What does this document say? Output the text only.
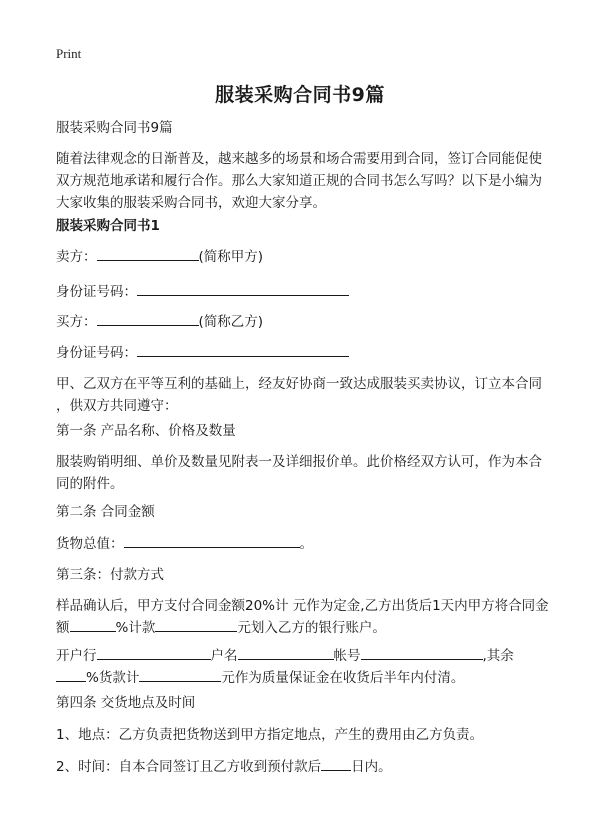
Print
服装采购合同书9篇
服装采购合同书9篇
随着法律观念的日渐普及，越来越多的场景和场合需要用到合同，签订合同能促使
双方规范地承诺和履行合作。那么大家知道正规的合同书怎么写吗？以下是小编为
大家收集的服装采购合同书，欢迎大家分享。
服装采购合同书1
卖方：	(简称甲方)
身份证号码：
买方：	(简称乙方)
身份证号码：
甲、乙双方在平等互利的基础上，经友好协商一致达成服装买卖协议，订立本合同
，供双方共同遵守：
第一条 产品名称、价格及数量
服装购销明细、单价及数量见附表一及详细报价单。此价格经双方认可，作为本合
同的附件。
第二条 合同金额
货物总值：	。
第三条：付款方式
样品确认后，甲方支付合同金额20%计 元作为定金,乙方出货后1天内甲方将合同金
额	%计款	元划入乙方的银行账户。
开户行	户名	帐号	,其余
%货款计	元作为质量保证金在收货后半年内付清。
第四条 交货地点及时间
1、地点：乙方负责把货物送到甲方指定地点，产生的费用由乙方负责。
2、时间：自本合同签订且乙方收到预付款后 日内。
